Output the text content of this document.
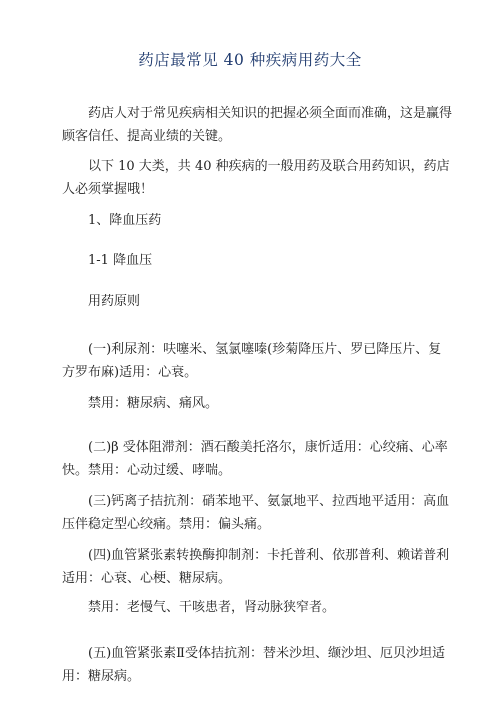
药店最常见 40 种疾病用药大全
药店人对于常见疾病相关知识的把握必须全面而准确，这是赢得顾客信任、提高业绩的关键。
以下 10 大类，共 40 种疾病的一般用药及联合用药知识，药店人必须掌握哦！
1、降血压药
1-1 降血压
用药原则
(一)利尿剂：呋噻米、氢氯噻嗪(珍菊降压片、罗已降压片、复方罗布麻)适用：心衰。
禁用：糖尿病、痛风。
(二)β 受体阻滞剂：酒石酸美托洛尔，康忻适用：心绞痛、心率快。禁用：心动过缓、哮喘。
(三)钙离子拮抗剂：硝苯地平、氨氯地平、拉西地平适用：高血压伴稳定型心绞痛。禁用：偏头痛。
(四)血管紧张素转换酶抑制剂：卡托普利、依那普利、赖诺普利适用：心衰、心梗、糖尿病。
禁用：老慢气、干咳患者，肾动脉狭窄者。
(五)血管紧张素Ⅱ受体拮抗剂：替米沙坦、缬沙坦、厄贝沙坦适用：糖尿病。
